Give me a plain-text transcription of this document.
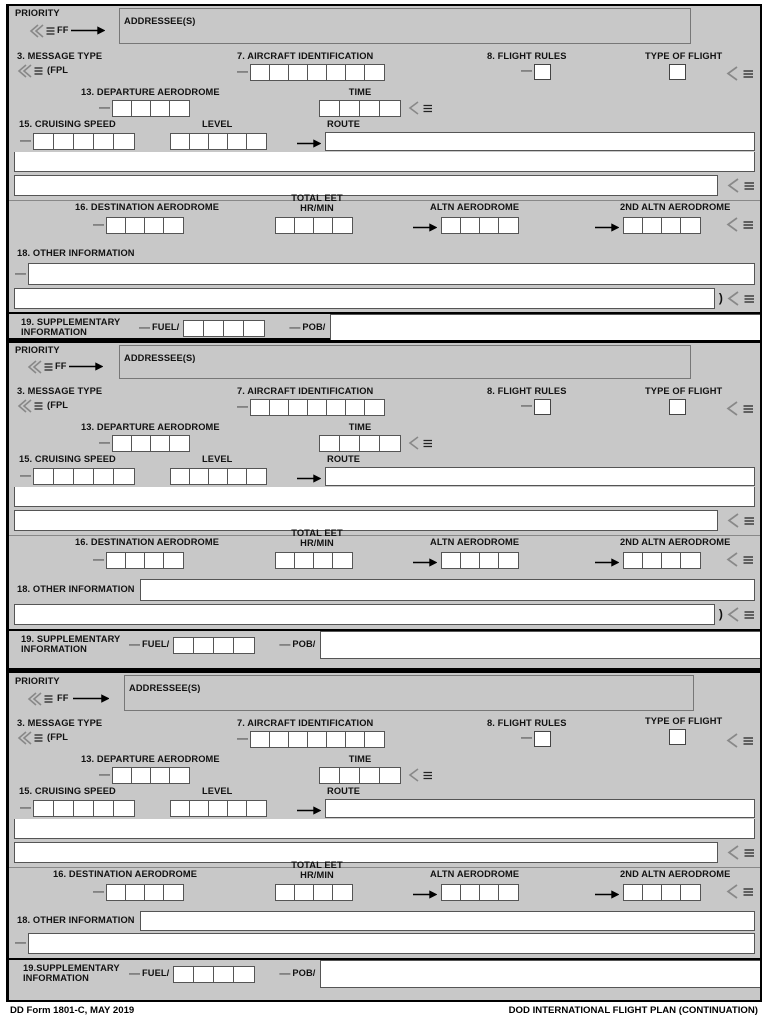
PRIORITY
FF
ADDRESSEE(S)
3. MESSAGE TYPE
(FPL
7. AIRCRAFT IDENTIFICATION
—
8. FLIGHT RULES
—
TYPE OF FLIGHT
13. DEPARTURE AERODROME
—
TIME
15. CRUISING SPEED	LEVEL	ROUTE
—
16. DESTINATION AERODROME
TOTAL EET
HR/MIN	ALTN AERODROME	2ND ALTN AERODROME
—
18. OTHER INFORMATION
—
)
19. SUPPLEMENTARY
INFORMATION	— FUEL/	— POB/
PRIORITY
FF
ADDRESSEE(S)
3. MESSAGE TYPE
(FPL
7. AIRCRAFT IDENTIFICATION
—
8. FLIGHT RULES
—
TYPE OF FLIGHT
13. DEPARTURE AERODROME
—
TIME
15. CRUISING SPEED	LEVEL	ROUTE
—
16. DESTINATION AERODROME
TOTAL EET
HR/MIN	ALTN AERODROME	2ND ALTN AERODROME
—
18. OTHER INFORMATION
)
19. SUPPLEMENTARY
INFORMATION	— FUEL/	— POB/
PRIORITY
FF
ADDRESSEE(S)
3. MESSAGE TYPE
(FPL
7. AIRCRAFT IDENTIFICATION
—
8. FLIGHT RULES
—
TYPE OF FLIGHT
13. DEPARTURE AERODROME
—
TIME
15. CRUISING SPEED	LEVEL	ROUTE
—
16. DESTINATION AERODROME
TOTAL EET
HR/MIN	ALTN AERODROME	2ND ALTN AERODROME
—
18. OTHER INFORMATION
—
19.SUPPLEMENTARY
INFORMATION	— FUEL/	— POB/
DD Form 1801-C, MAY 2019	DOD INTERNATIONAL FLIGHT PLAN (CONTINUATION)
